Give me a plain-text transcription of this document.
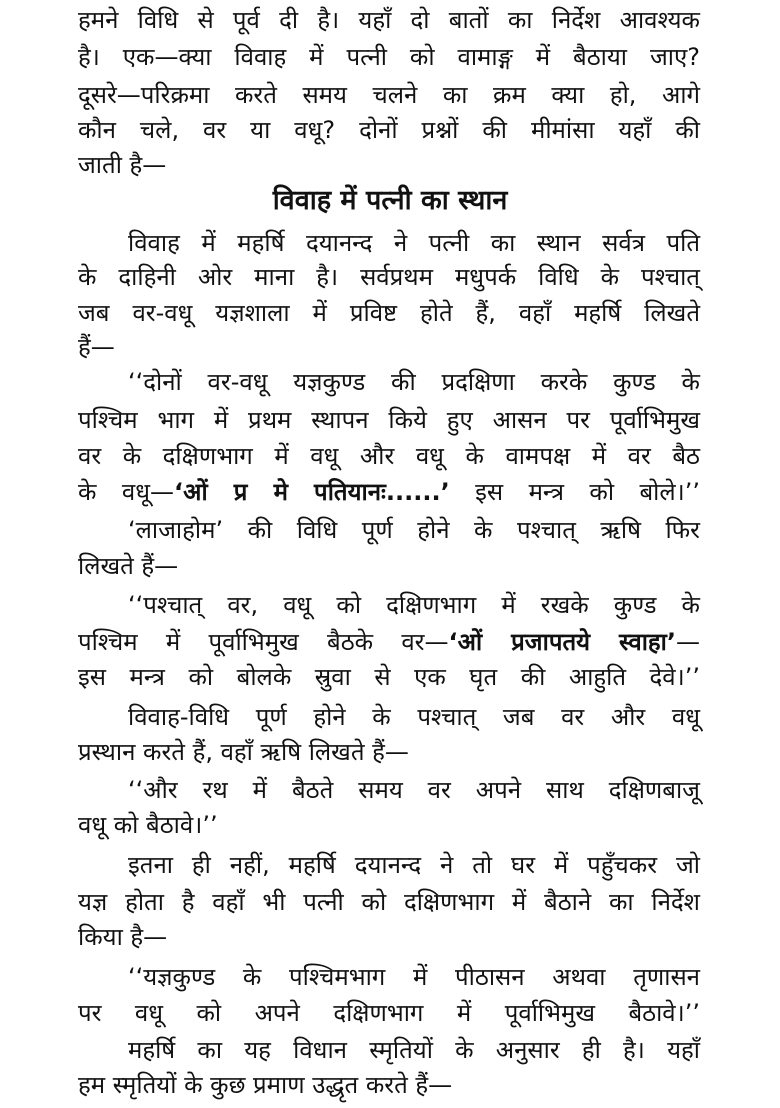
विवाह में पत्नी का स्थान
हमने विधि से पूर्व दी है। यहाँ दो बातों का निर्देश आवश्यक
है। एक—क्या विवाह में पत्नी को वामाङ्ग में बैठाया जाए?
दूसरे—परिक्रमा करते समय चलने का क्रम क्या हो, आगे
कौन चले, वर या वधू? दोनों प्रश्नों की मीमांसा यहाँ की
जाती है—
विवाह में महर्षि दयानन्द ने पत्नी का स्थान सर्वत्र पति
के दाहिनी ओर माना है। सर्वप्रथम मधुपर्क विधि के पश्चात्
जब वर-वधू यज्ञशाला में प्रविष्ट होते हैं, वहाँ महर्षि लिखते
हैं—
‘‘दोनों वर-वधू यज्ञकुण्ड की प्रदक्षिणा करके कुण्ड के
पश्चिम भाग में प्रथम स्थापन किये हुए आसन पर पूर्वाभिमुख
वर के दक्षिणभाग में वधू और वधू के वामपक्ष में वर बैठ
के वधू—‘ओं प्र मे पतियानः......’ इस मन्त्र को बोले।’’
‘लाजाहोम’ की विधि पूर्ण होने के पश्चात् ऋषि फिर
लिखते हैं—
‘‘पश्चात् वर, वधू को दक्षिणभाग में रखके कुण्ड के
पश्चिम में पूर्वाभिमुख बैठके वर—‘ओं प्रजापतये स्वाहा’—
इस मन्त्र को बोलके स्रुवा से एक घृत की आहुति देवे।’’
विवाह-विधि पूर्ण होने के पश्चात् जब वर और वधू
प्रस्थान करते हैं, वहाँ ऋषि लिखते हैं—
‘‘और रथ में बैठते समय वर अपने साथ दक्षिणबाजू
वधू को बैठावे।’’
इतना ही नहीं, महर्षि दयानन्द ने तो घर में पहुँचकर जो
यज्ञ होता है वहाँ भी पत्नी को दक्षिणभाग में बैठाने का निर्देश
किया है—
‘‘यज्ञकुण्ड के पश्चिमभाग में पीठासन अथवा तृणासन
पर वधू को अपने दक्षिणभाग में पूर्वाभिमुख बैठावे।’’
महर्षि का यह विधान स्मृतियों के अनुसार ही है। यहाँ
हम स्मृतियों के कुछ प्रमाण उद्धृत करते हैं—
